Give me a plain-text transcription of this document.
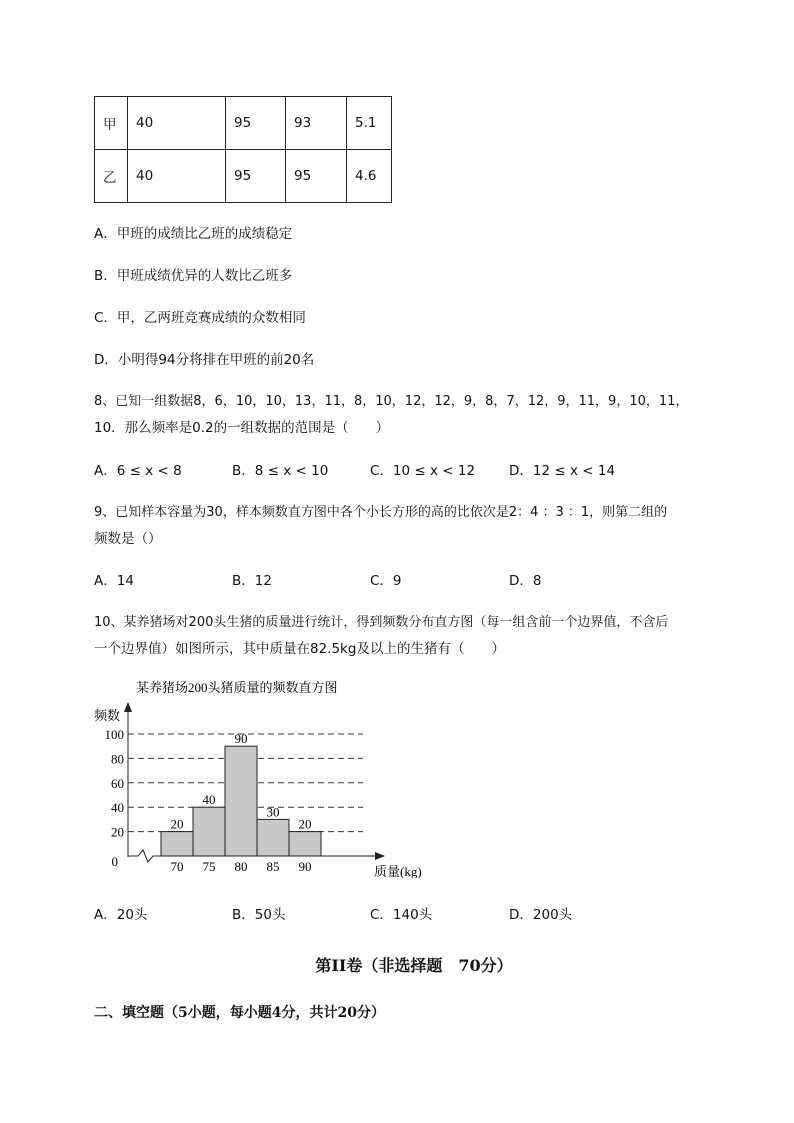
甲	40	95	93	5.1
乙	40	95	95	4.6
A．甲班的成绩比乙班的成绩稳定
B．甲班成绩优异的人数比乙班多
C．甲，乙两班竞赛成绩的众数相同
D．小明得94分将排在甲班的前20名
8、已知一组数据8，6，10，10，13，11，8，10，12，12，9，8，7，12，9，11，9，10，11，
10．那么频率是0.2的一组数据的范围是（　　）
A．6 ≤ x < 8	B．8 ≤ x < 10	C．10 ≤ x < 12	D．12 ≤ x < 14
9、已知样本容量为30，样本频数直方图中各个小长方形的高的比依次是2：4 ：3 ：1，则第二组的
频数是（）
A．14	B．12	C．9	D．8
10、某养猪场对200头生猪的质量进行统计，得到频数分布直方图（每一组含前一个边界值，不含后
一个边界值）如图所示，其中质量在82.5kg及以上的生猪有（　　）
某养猪场200头猪质量的频数直方图
频数
质量(kg)
0
20
40
60
80
100
20
40
90
30
20
70 75 80 85 90
A．20头	B．50头	C．140头	D．200头
第II卷（非选择题　70分）
二、填空题（5小题，每小题4分，共计20分）
